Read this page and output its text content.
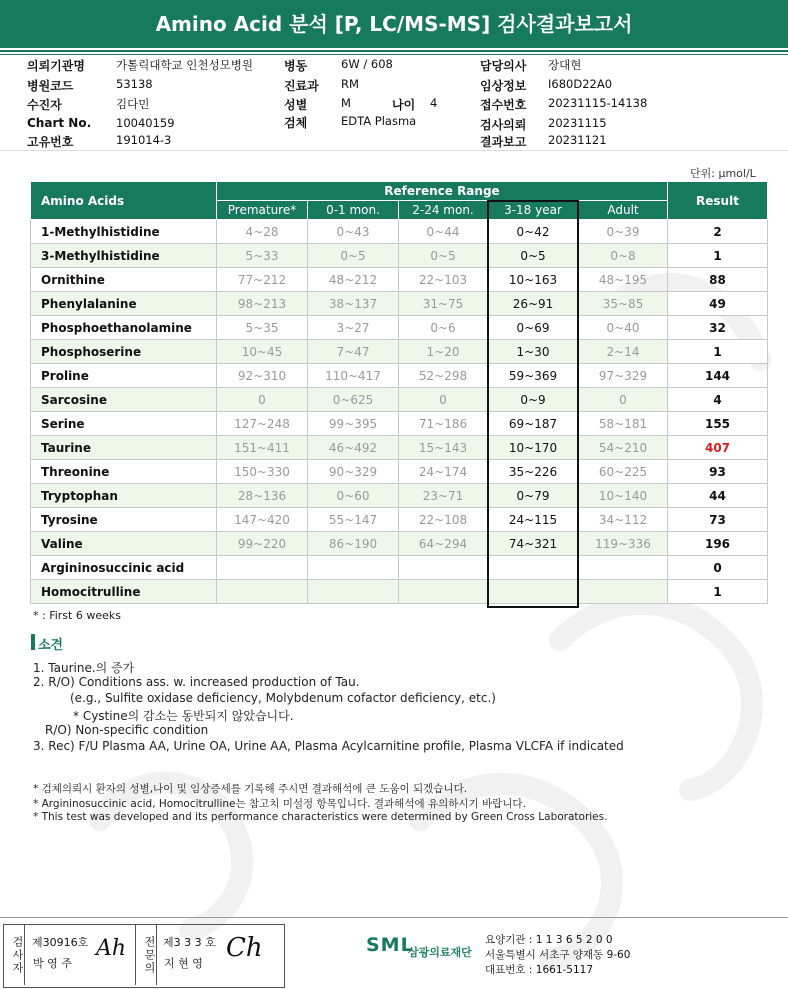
Amino Acid 분석 [P, LC/MS-MS] 검사결과보고서
의뢰기관명	가톨릭대학교 인천성모병원
병원코드	53138
수진자	김다민
Chart No. 10040159
고유번호	191014-3
병동	6W / 608
진료과 RM
성별	M	나이 4
검체	EDTA Plasma
담당의사 장대현
임상정보 I680D22A0
접수번호 20231115-14138
검사의뢰 20231115
결과보고 20231121
단위: μmol/L
Amino Acids	Reference Range					Result
	Premature*	0-1 mon.	2-24 mon.	3-18 year	Adult	
1-Methylhistidine	4~28	0~43	0~44	0~42	0~39	2
3-Methylhistidine	5~33	0~5	0~5	0~5	0~8	1
Ornithine	77~212	48~212	22~103	10~163	48~195	88
Phenylalanine	98~213	38~137	31~75	26~91	35~85	49
Phosphoethanolamine	5~35	3~27	0~6	0~69	0~40	32
Phosphoserine	10~45	7~47	1~20	1~30	2~14	1
Proline	92~310	110~417	52~298	59~369	97~329	144
Sarcosine	0	0~625	0	0~9	0	4
Serine	127~248	99~395	71~186	69~187	58~181	155
Taurine	151~411	46~492	15~143	10~170	54~210	407
Threonine	150~330	90~329	24~174	35~226	60~225	93
Tryptophan	28~136	0~60	23~71	0~79	10~140	44
Tyrosine	147~420	55~147	22~108	24~115	34~112	73
Valine	99~220	86~190	64~294	74~321	119~336	196
Argininosuccinic acid						0
Homocitrulline						1
* : First 6 weeks
소견
1. Taurine.의 증가
2. R/O) Conditions ass. w. increased production of Tau.
(e.g., Sulfite oxidase deficiency, Molybdenum cofactor deficiency, etc.)
* Cystine의 감소는 동반되지 않았습니다.
R/O) Non-specific condition
3. Rec) F/U Plasma AA, Urine OA, Urine AA, Plasma Acylcarnitine profile, Plasma VLCFA if indicated
* 검체의뢰시 환자의 성별,나이 및 임상증세를 기록해 주시면 결과해석에 큰 도움이 되겠습니다.
* Argininosuccinic acid, Homocitrulline는 참고치 미설정 항목입니다. 결과해석에 유의하시기 바랍니다.
* This test was developed and its performance characteristics were determined by Green Cross Laboratories.
검사자 제30916호
박 영 주
Ah	전문의 제3 3 3 호
지 현 영
Ch	SML
삼광의료재단
요양기관 : 1 1 3 6 5 2 0 0
서울특별시 서초구 양재동 9-60
대표번호 : 1661-5117
